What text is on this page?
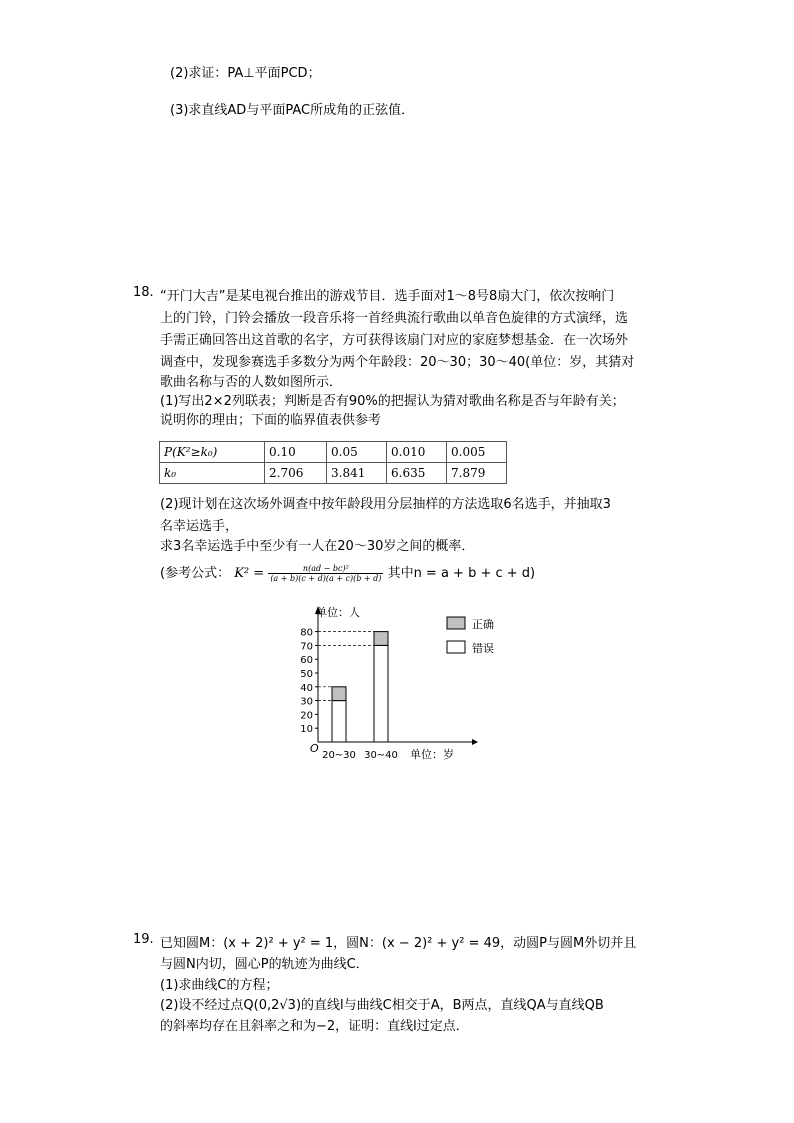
(2)求证：PA⊥平面PCD；
(3)求直线AD与平面PAC所成角的正弦值．
18. “开门大吉”是某电视台推出的游戏节目．选手面对1～8号8扇大门，依次按响门
上的门铃，门铃会播放一段音乐将一首经典流行歌曲以单音色旋律的方式演绎，选
手需正确回答出这首歌的名字，方可获得该扇门对应的家庭梦想基金．在一次场外
调查中，发现参赛选手多数分为两个年龄段：20～30；30～40(单位：岁，其猜对
歌曲名称与否的人数如图所示．
(1)写出2×2列联表；判断是否有90%的把握认为猜对歌曲名称是否与年龄有关；
说明你的理由；下面的临界值表供参考
P(K²≥k₀)	0.10	0.05	0.010	0.005
k₀	2.706	3.841	6.635	7.879
(2)现计划在这次场外调查中按年龄段用分层抽样的方法选取6名选手，并抽取3
名幸运选手，
求3名幸运选手中至少有一人在20～30岁之间的概率．
(参考公式： $K^2 = \frac{\text{n(ad − bc)²}}{(a + b)(c + d)(a + c)(b + d)}$ 其中n = a + b + c + d)
O
单位：人
单位：岁
10
20
30
40
50
60
70
80
20~30 30~40
正确
错误
19. 已知圆M：(x + 2)² + y² = 1，圆N：(x − 2)² + y² = 49，动圆P与圆M外切并且
与圆N内切，圆心P的轨迹为曲线C．
(1)求曲线C的方程；
(2)设不经过点Q(0,2√3)的直线l与曲线C相交于A，B两点，直线QA与直线QB
的斜率均存在且斜率之和为−2，证明：直线l过定点．
